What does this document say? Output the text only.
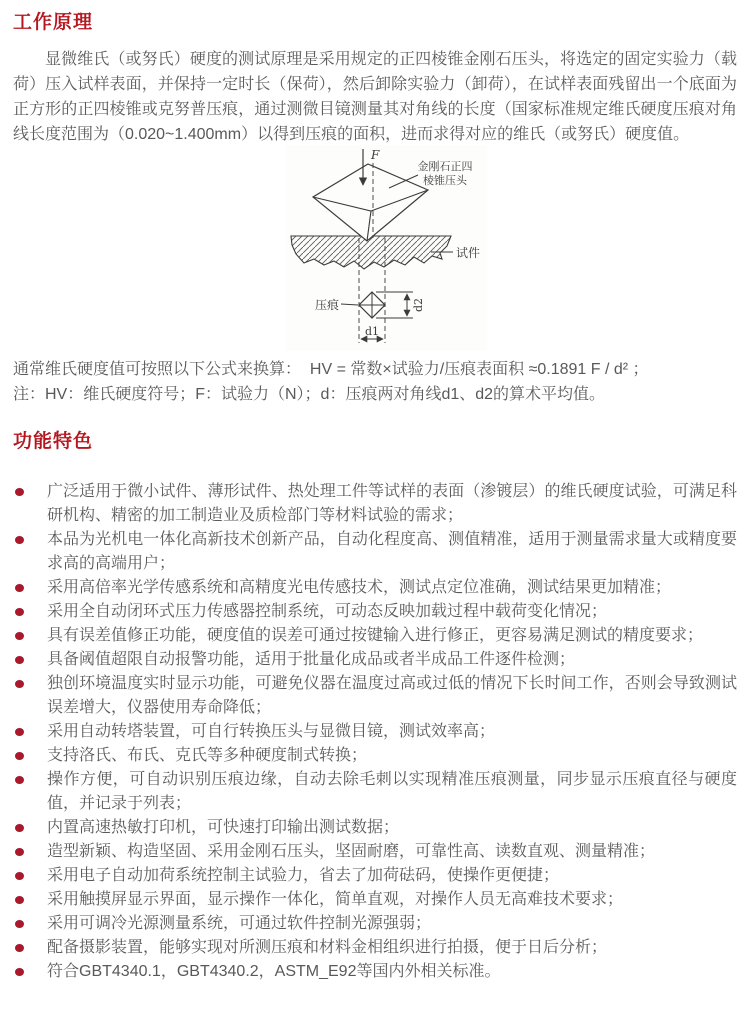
工作原理

显微维氏（或努氏）硬度的测试原理是采用规定的正四棱锥金刚石压头，将选定的固定实验力（载荷）压入试样表面，并保持一定时长（保荷），然后卸除实验力（卸荷），在试样表面残留出一个底面为正方形的正四棱锥或克努普压痕，通过测微目镜测量其对角线的长度（国家标准规定维氏硬度压痕对角线长度范围为（0.020~1.400mm）以得到压痕的面积，进而求得对应的维氏（或努氏）硬度值。

F
金刚石正四
棱锥压头
试件
压痕	d2
d1

通常维氏硬度值可按照以下公式来换算：  HV = 常数×试验力/压痕表面积 ≈0.1891 F / d² ；

注：HV：维氏硬度符号；F：试验力（N）；d：压痕两对角线d1、d2的算术平均值。

功能特色
广泛适用于微小试件、薄形试件、热处理工件等试样的表面（渗镀层）的维氏硬度试验，可满足科研机构、精密的加工制造业及质检部门等材料试验的需求；
本品为光机电一体化高新技术创新产品，自动化程度高、测值精准，适用于测量需求量大或精度要求高的高端用户；
采用高倍率光学传感系统和高精度光电传感技术，测试点定位准确，测试结果更加精准；
采用全自动闭环式压力传感器控制系统，可动态反映加载过程中载荷变化情况；
具有误差值修正功能，硬度值的误差可通过按键输入进行修正，更容易满足测试的精度要求；
具备阈值超限自动报警功能，适用于批量化成品或者半成品工件逐件检测；
独创环境温度实时显示功能，可避免仪器在温度过高或过低的情况下长时间工作，否则会导致测试误差增大，仪器使用寿命降低；
采用自动转塔装置，可自行转换压头与显微目镜，测试效率高；
支持洛氏、布氏、克氏等多种硬度制式转换；
操作方便，可自动识别压痕边缘，自动去除毛刺以实现精准压痕测量，同步显示压痕直径与硬度值，并记录于列表；
内置高速热敏打印机，可快速打印输出测试数据；
造型新颖、构造坚固、采用金刚石压头，坚固耐磨，可靠性高、读数直观、测量精准；
采用电子自动加荷系统控制主试验力，省去了加荷砝码，使操作更便捷；
采用触摸屏显示界面，显示操作一体化，简单直观，对操作人员无高难技术要求；
采用可调冷光源测量系统，可通过软件控制光源强弱；
配备摄影装置，能够实现对所测压痕和材料金相组织进行拍摄，便于日后分析；
符合GBT4340.1，GBT4340.2，ASTM_E92等国内外相关标准。
